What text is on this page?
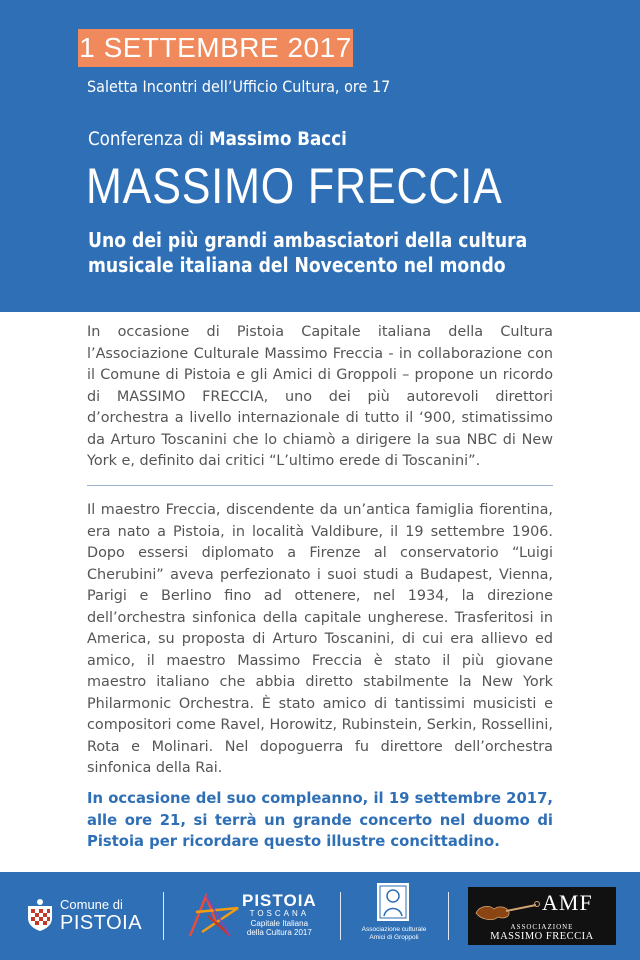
1 SETTEMBRE 2017
Saletta Incontri dell’Ufficio Cultura, ore 17
Conferenza di Massimo Bacci
MASSIMO FRECCIA
Uno dei più grandi ambasciatori della cultura
musicale italiana del Novecento nel mondo
In occasione di Pistoia Capitale italiana della Cultura l’Associazione Culturale Massimo Freccia - in collaborazione con il Comune di Pistoia e gli Amici di Groppoli – propone un ricordo di MASSIMO FRECCIA, uno dei più autorevoli direttori d’orchestra a livello internazionale di tutto il ‘900, stimatissimo da Arturo Toscanini che lo chiamò a dirigere la sua NBC di New York e, definito dai critici “L’ultimo erede di Toscanini”.
Il maestro Freccia, discendente da un’antica famiglia fiorentina, era nato a Pistoia, in località Valdibure, il 19 settembre 1906. Dopo essersi diplomato a Firenze al conservatorio “Luigi Cherubini” aveva perfezionato i suoi studi a Budapest, Vienna, Parigi e Berlino fino ad ottenere, nel 1934, la direzione dell’orchestra sinfonica della capitale ungherese. Trasferitosi in America, su proposta di Arturo Toscanini, di cui era allievo ed amico, il maestro Massimo Freccia è stato il più giovane maestro italiano che abbia diretto stabilmente la New York Philarmonic Orchestra. È stato amico di tantissimi musicisti e compositori come Ravel, Horowitz, Rubinstein, Serkin, Rossellini, Rota e Molinari. Nel dopoguerra fu direttore dell’orchestra sinfonica della Rai.
In occasione del suo compleanno, il 19 settembre 2017, alle ore 21, si terrà un grande concerto nel duomo di Pistoia per ricordare questo illustre concittadino.
Comune di
PISTOIA
PISTOIA
TOSCANA
Capitale Italiana
della Cultura 2017	Associazione culturale
Amici di Groppoli
AMF
ASSOCIAZIONE
MASSIMO FRECCIA
